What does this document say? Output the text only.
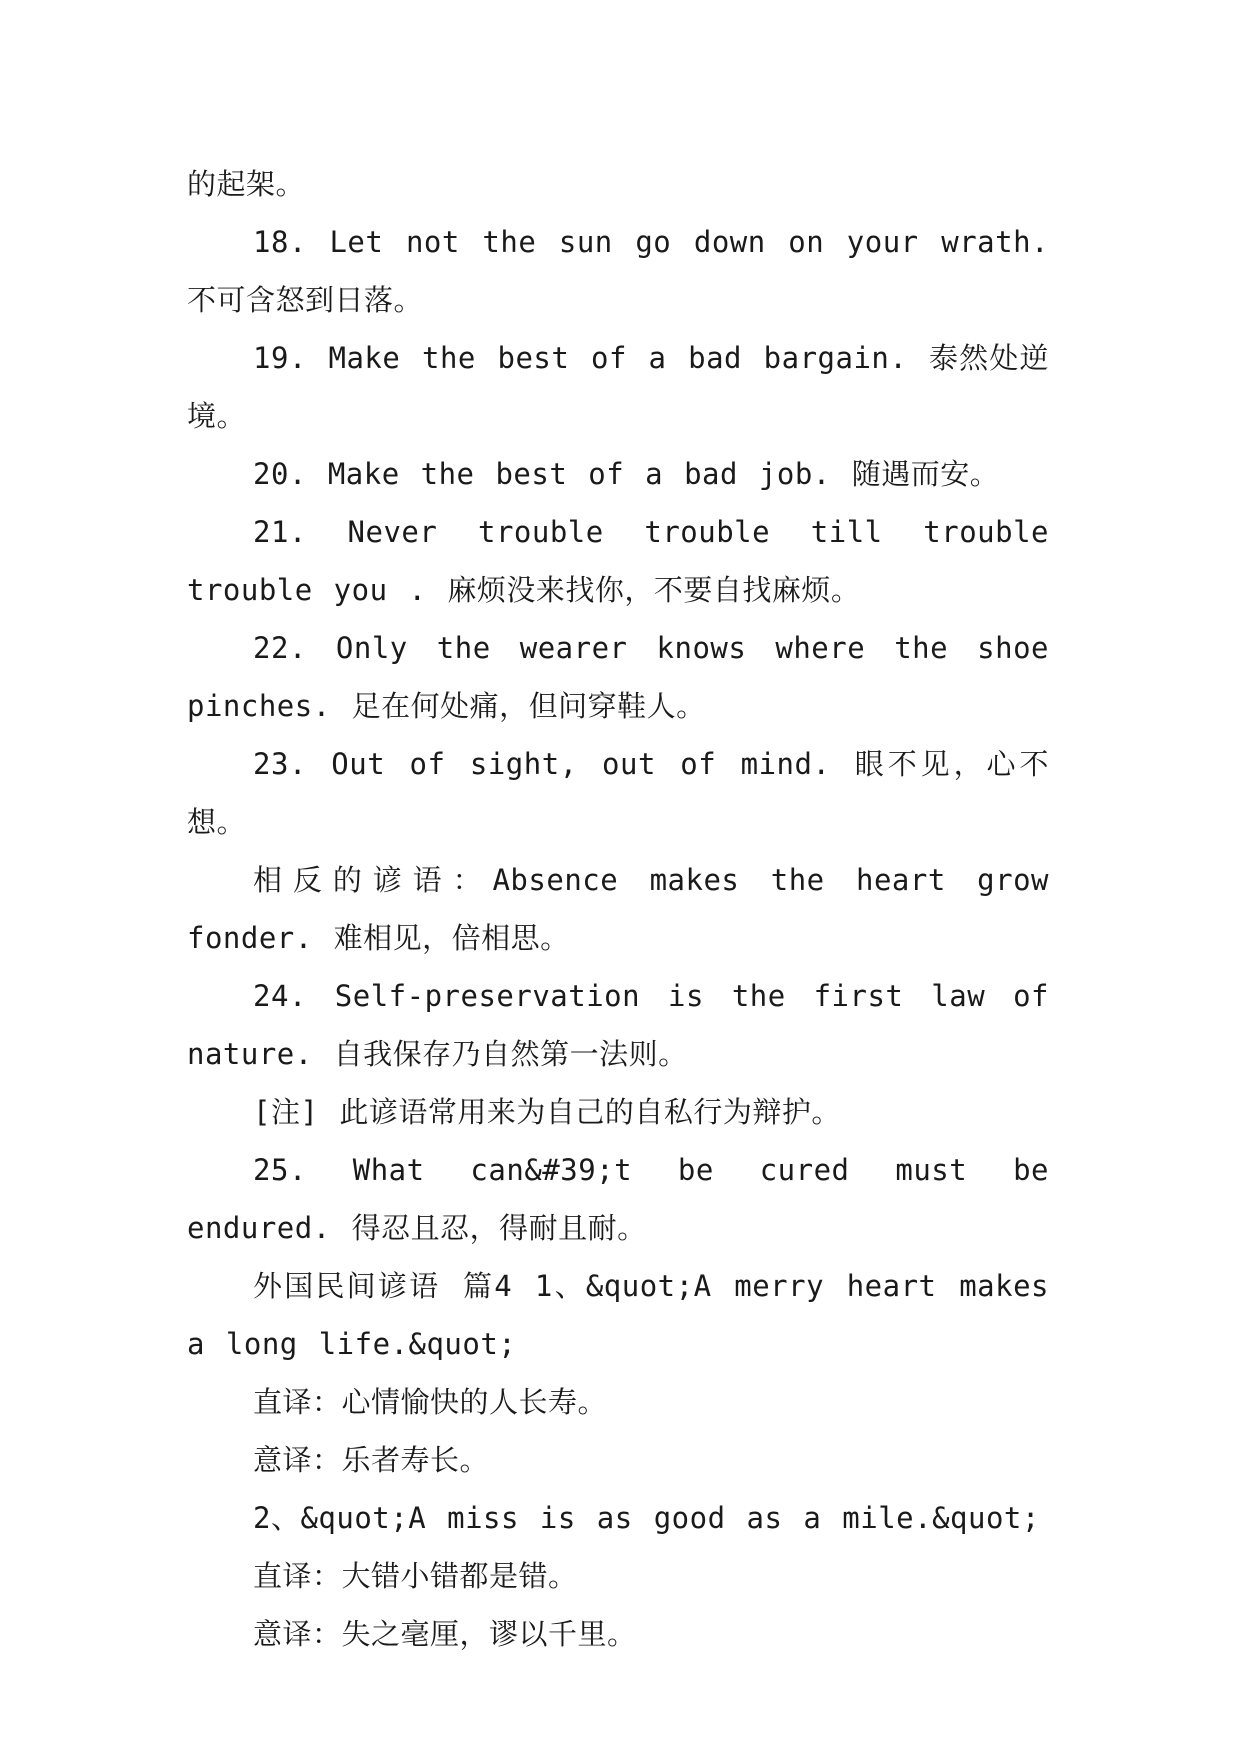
的起架。

18. Let not the sun go down on your wrath. 不可含怒到日落。

19. Make the best of a bad bargain. 泰然处逆境。

20. Make the best of a bad job. 随遇而安。

21. Never trouble trouble till trouble trouble you . 麻烦没来找你，不要自找麻烦。

22. Only the wearer knows where the shoe pinches. 足在何处痛，但问穿鞋人。

23. Out of sight, out of mind. 眼不见，心不想。

相反的谚语：Absence makes the heart grow fonder. 难相见，倍相思。

24. Self-preservation is the first law of nature. 自我保存乃自然第一法则。

[注] 此谚语常用来为自己的自私行为辩护。

25. What can&#39;t be cured must be endured. 得忍且忍，得耐且耐。

外国民间谚语 篇4 1、&quot;A merry heart makes a long life.&quot;

直译：心情愉快的人长寿。

意译：乐者寿长。

2、&quot;A miss is as good as a mile.&quot;

直译：大错小错都是错。

意译：失之毫厘，谬以千里。
